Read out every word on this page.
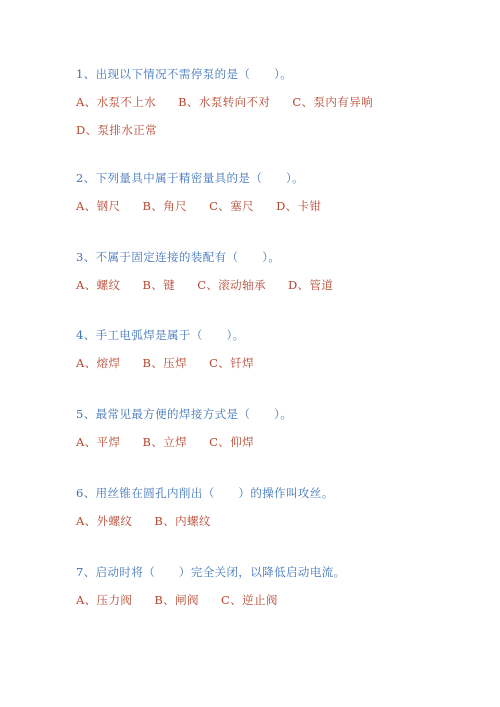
1、出现以下情况不需停泵的是（　　）。
A、水泵不上水 B、水泵转向不对 C、泵内有异响 D、泵排水正常
2、下列量具中属于精密量具的是（　　）。
A、钢尺 B、角尺 C、塞尺 D、卡钳
3、不属于固定连接的装配有（　　）。
A、螺纹 B、键 C、滚动轴承 D、管道
4、手工电弧焊是属于（　　）。
A、熔焊 B、压焊 C、钎焊
5、最常见最方便的焊接方式是（　　）。
A、平焊 B、立焊 C、仰焊
6、用丝锥在圆孔内削出（　　）的操作叫攻丝。
A、外螺纹 B、内螺纹
7、启动时将（　　）完全关闭，以降低启动电流。
A、压力阀 B、闸阀 C、逆止阀
